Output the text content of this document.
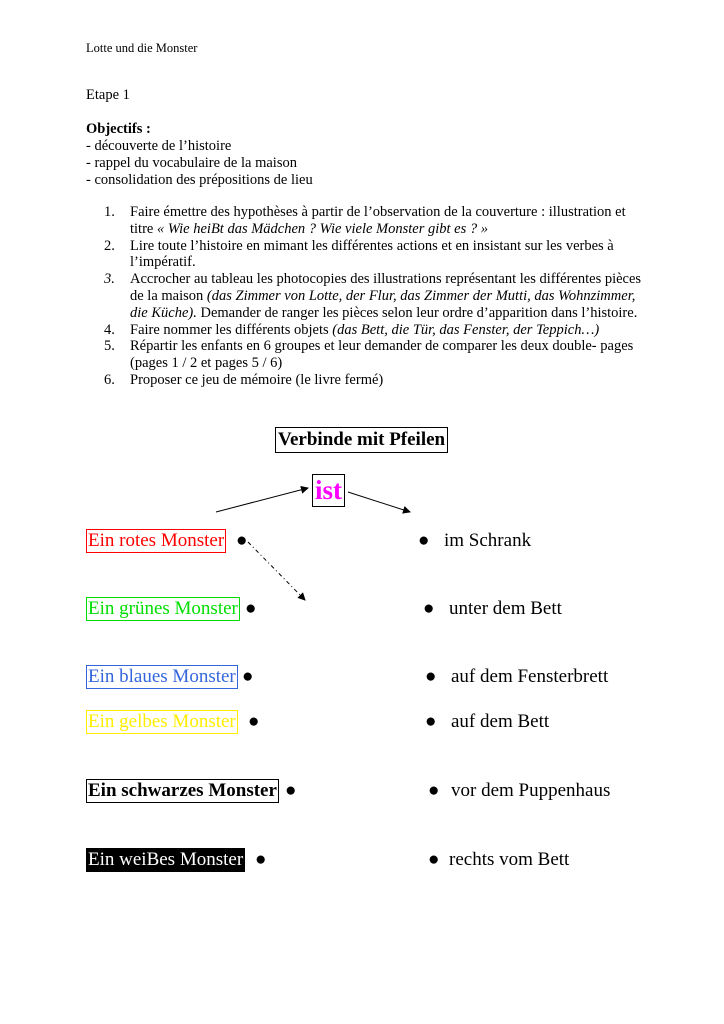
Lotte und die Monster
Etape 1
Objectifs :
- découverte de l’histoire
- rappel du vocabulaire de la maison
- consolidation des prépositions de lieu
1. Faire émettre des hypothèses à partir de l’observation de la couverture : illustration et titre « Wie heiBt das Mädchen ? Wie viele Monster gibt es ? »
2. Lire toute l’histoire en mimant les différentes actions et en insistant sur les verbes à l’impératif.
3. Accrocher au tableau les photocopies des illustrations représentant les différentes pièces de la maison (das Zimmer von Lotte, der Flur, das Zimmer der Mutti, das Wohnzimmer, die Küche). Demander de ranger les pièces selon leur ordre d’apparition dans l’histoire.
4. Faire nommer les différents objets (das Bett, die Tür, das Fenster, der Teppich…)
5. Répartir les enfants en 6 groupes et leur demander de comparer les deux double- pages (pages 1 / 2 et pages 5 / 6)
6. Proposer ce jeu de mémoire (le livre fermé)
Verbinde mit Pfeilen
ist
Ein rotes Monster ●	● im Schrank
Ein grünes Monster ●	● unter dem Bett
Ein blaues Monster ●	● auf dem Fensterbrett
Ein gelbes Monster ●	● auf dem Bett
Ein schwarzes Monster ●	● vor dem Puppenhaus
Ein weiBes Monster ●	● rechts vom Bett
